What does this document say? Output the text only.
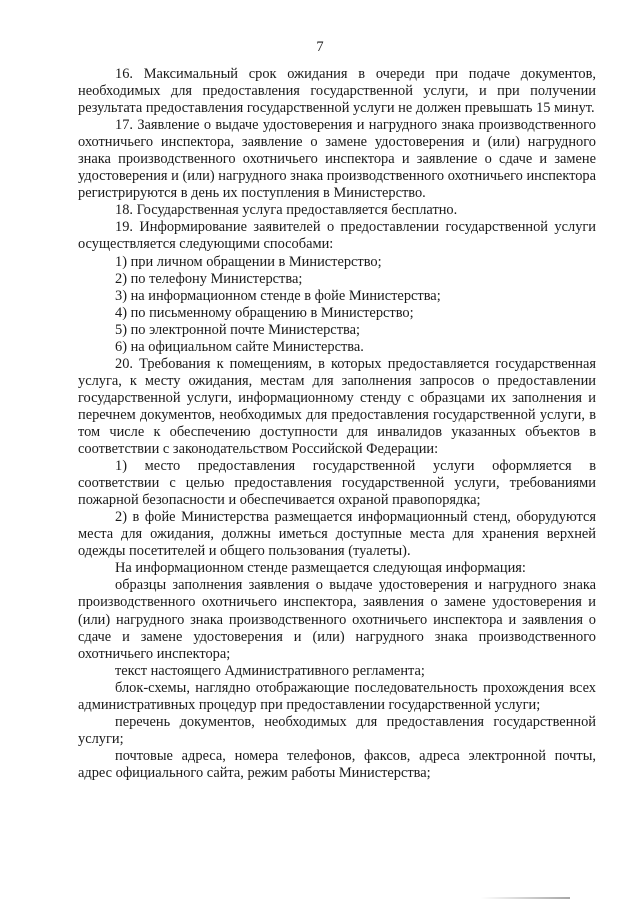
7

16. Максимальный срок ожидания в очереди при подаче документов, необходимых для предоставления государственной услуги, и при получении результата предоставления государственной услуги не должен превышать 15 минут.

17. Заявление о выдаче удостоверения и нагрудного знака производственного охотничьего инспектора, заявление о замене удостоверения и (или) нагрудного знака производственного охотничьего инспектора и заявление о сдаче и замене удостоверения и (или) нагрудного знака производственного охотничьего инспектора регистрируются в день их поступления в Министерство.

18. Государственная услуга предоставляется бесплатно.

19. Информирование заявителей о предоставлении государственной услуги осуществляется следующими способами:

1) при личном обращении в Министерство;

2) по телефону Министерства;

3) на информационном стенде в фойе Министерства;

4) по письменному обращению в Министерство;

5) по электронной почте Министерства;

6) на официальном сайте Министерства.

20. Требования к помещениям, в которых предоставляется государственная услуга, к месту ожидания, местам для заполнения запросов о предоставлении государственной услуги, информационному стенду с образцами их заполнения и перечнем документов, необходимых для предоставления государственной услуги, в том числе к обеспечению доступности для инвалидов указанных объектов в соответствии с законодательством Российской Федерации:

1) место предоставления государственной услуги оформляется в соответствии с целью предоставления государственной услуги, требованиями пожарной безопасности и обеспечивается охраной правопорядка;

2) в фойе Министерства размещается информационный стенд, оборудуются места для ожидания, должны иметься доступные места для хранения верхней одежды посетителей и общего пользования (туалеты).

На информационном стенде размещается следующая информация:

образцы заполнения заявления о выдаче удостоверения и нагрудного знака производственного охотничьего инспектора, заявления о замене удостоверения и (или) нагрудного знака производственного охотничьего инспектора и заявления о сдаче и замене удостоверения и (или) нагрудного знака производственного охотничьего инспектора;

текст настоящего Административного регламента;

блок-схемы, наглядно отображающие последовательность прохождения всех административных процедур при предоставлении государственной услуги;

перечень документов, необходимых для предоставления государственной услуги;

почтовые адреса, номера телефонов, факсов, адреса электронной почты, адрес официального сайта, режим работы Министерства;
